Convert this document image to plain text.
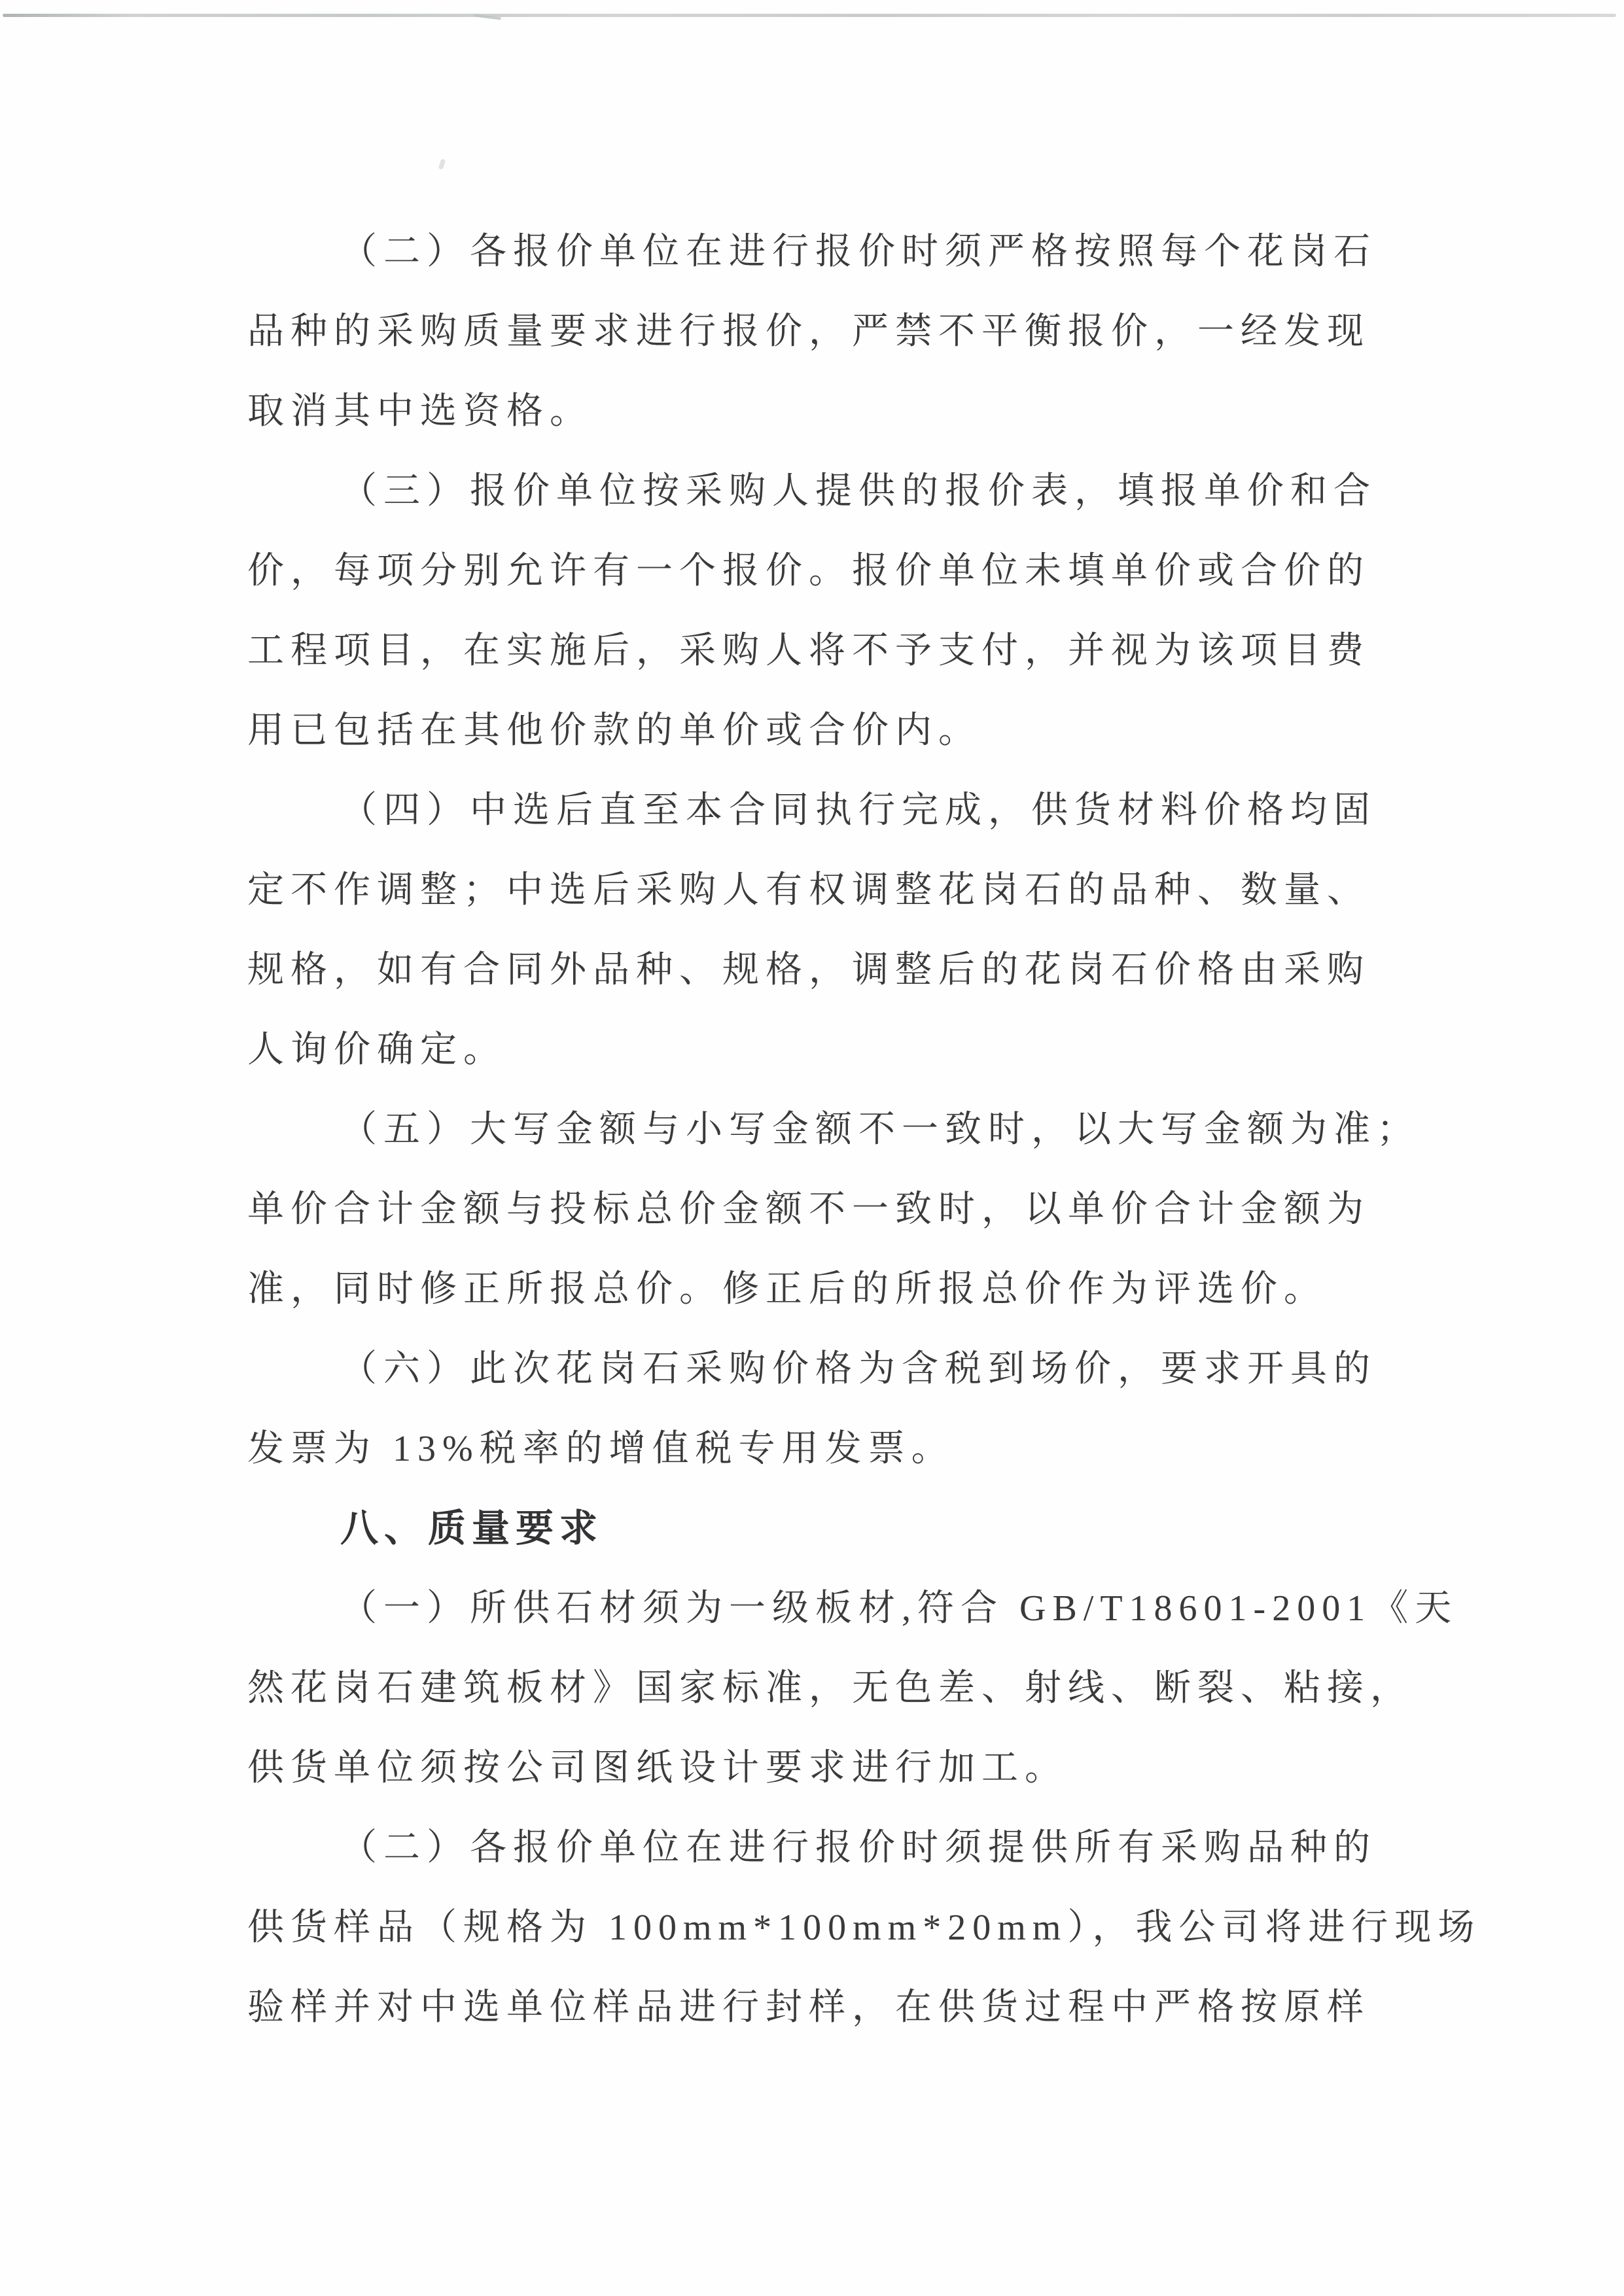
（二）各报价单位在进行报价时须严格按照每个花岗石
品种的采购质量要求进行报价，严禁不平衡报价，一经发现
取消其中选资格。
（三）报价单位按采购人提供的报价表，填报单价和合
价，每项分别允许有一个报价。报价单位未填单价或合价的
工程项目，在实施后，采购人将不予支付，并视为该项目费
用已包括在其他价款的单价或合价内。
（四）中选后直至本合同执行完成，供货材料价格均固
定不作调整；中选后采购人有权调整花岗石的品种、数量、
规格，如有合同外品种、规格，调整后的花岗石价格由采购
人询价确定。
（五）大写金额与小写金额不一致时，以大写金额为准；
单价合计金额与投标总价金额不一致时，以单价合计金额为
准，同时修正所报总价。修正后的所报总价作为评选价。
（六）此次花岗石采购价格为含税到场价，要求开具的
发票为 13%税率的增值税专用发票。
八、质量要求
（一）所供石材须为一级板材,符合 GB/T18601-2001《天
然花岗石建筑板材》国家标准，无色差、射线、断裂、粘接，
供货单位须按公司图纸设计要求进行加工。
（二）各报价单位在进行报价时须提供所有采购品种的
供货样品（规格为 100mm*100mm*20mm），我公司将进行现场
验样并对中选单位样品进行封样，在供货过程中严格按原样
